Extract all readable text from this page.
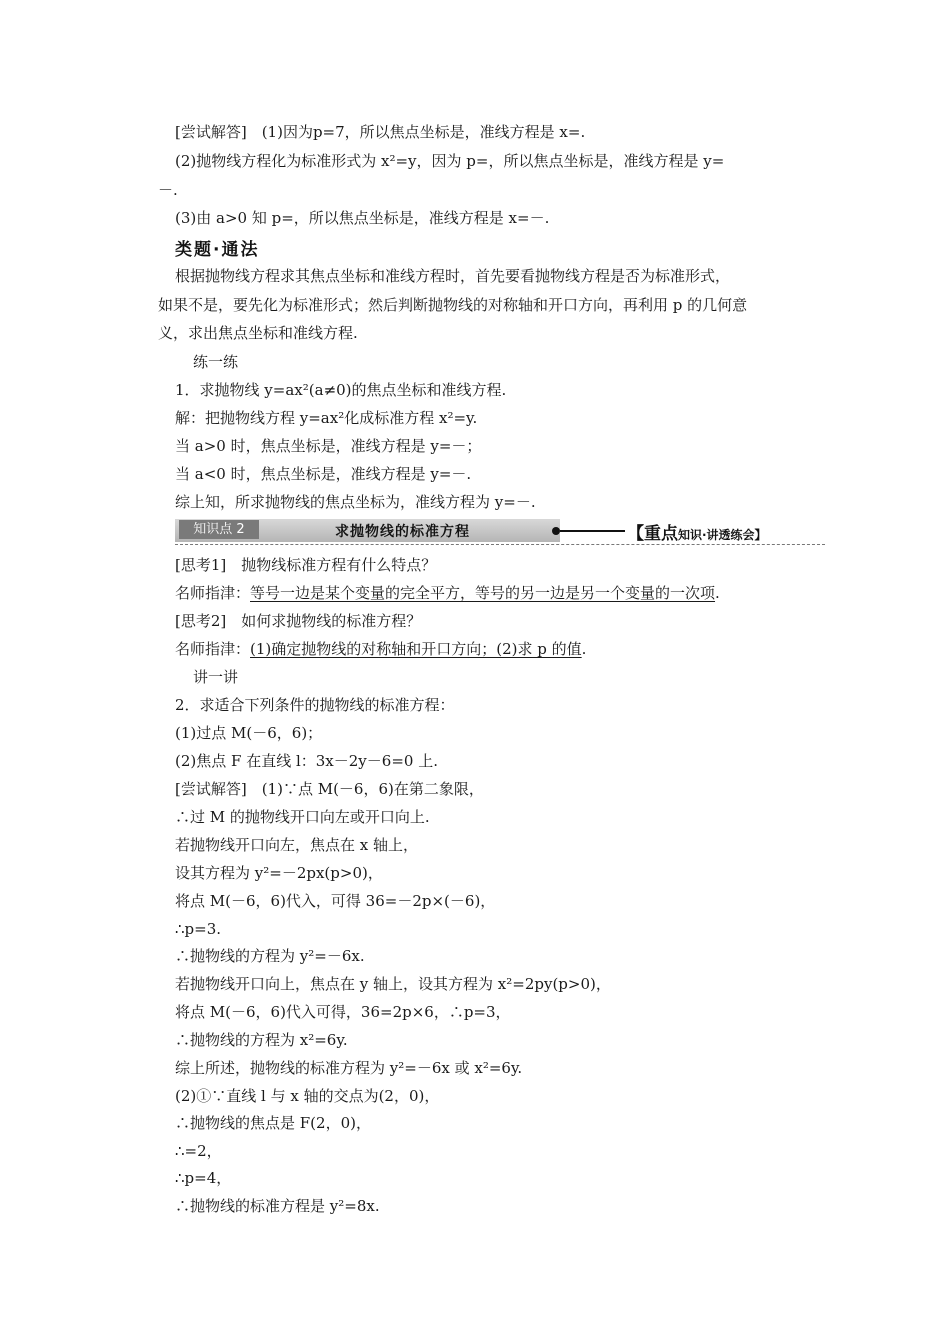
[尝试解答]　(1)因为p=7，所以焦点坐标是，准线方程是 x=.
(2)抛物线方程化为标准形式为 x²=y，因为 p=，所以焦点坐标是，准线方程是 y=
－.
(3)由 a>0 知 p=，所以焦点坐标是，准线方程是 x=－.
类题·通法
根据抛物线方程求其焦点坐标和准线方程时，首先要看抛物线方程是否为标准形式，
如果不是，要先化为标准形式；然后判断抛物线的对称轴和开口方向，再利用 p 的几何意
义，求出焦点坐标和准线方程.
练一练
1．求抛物线 y=ax²(a≠0)的焦点坐标和准线方程.
解：把抛物线方程 y=ax²化成标准方程 x²=y.
当 a>0 时，焦点坐标是，准线方程是 y=－；
当 a<0 时，焦点坐标是，准线方程是 y=－.
综上知，所求抛物线的焦点坐标为，准线方程为 y=－.
知识点 2	求抛物线的标准方程	【重点知识·讲透练会】
[思考1]　抛物线标准方程有什么特点？
名师指津：等号一边是某个变量的完全平方，等号的另一边是另一个变量的一次项.
[思考2]　如何求抛物线的标准方程？
名师指津：(1)确定抛物线的对称轴和开口方向；(2)求 p 的值.
讲一讲
2．求适合下列条件的抛物线的标准方程：
(1)过点 M(－6，6)；
(2)焦点 F 在直线 l：3x－2y－6=0 上.
[尝试解答]　(1)∵点 M(－6，6)在第二象限，
∴过 M 的抛物线开口向左或开口向上.
若抛物线开口向左，焦点在 x 轴上，
设其方程为 y²=－2px(p>0)，
将点 M(－6，6)代入，可得 36=－2p×(－6)，
∴p=3.
∴抛物线的方程为 y²=－6x.
若抛物线开口向上，焦点在 y 轴上，设其方程为 x²=2py(p>0)，
将点 M(－6，6)代入可得，36=2p×6，∴p=3，
∴抛物线的方程为 x²=6y.
综上所述，抛物线的标准方程为 y²=－6x 或 x²=6y.
(2)①∵直线 l 与 x 轴的交点为(2，0)，
∴抛物线的焦点是 F(2，0)，
∴=2，
∴p=4，
∴抛物线的标准方程是 y²=8x.
